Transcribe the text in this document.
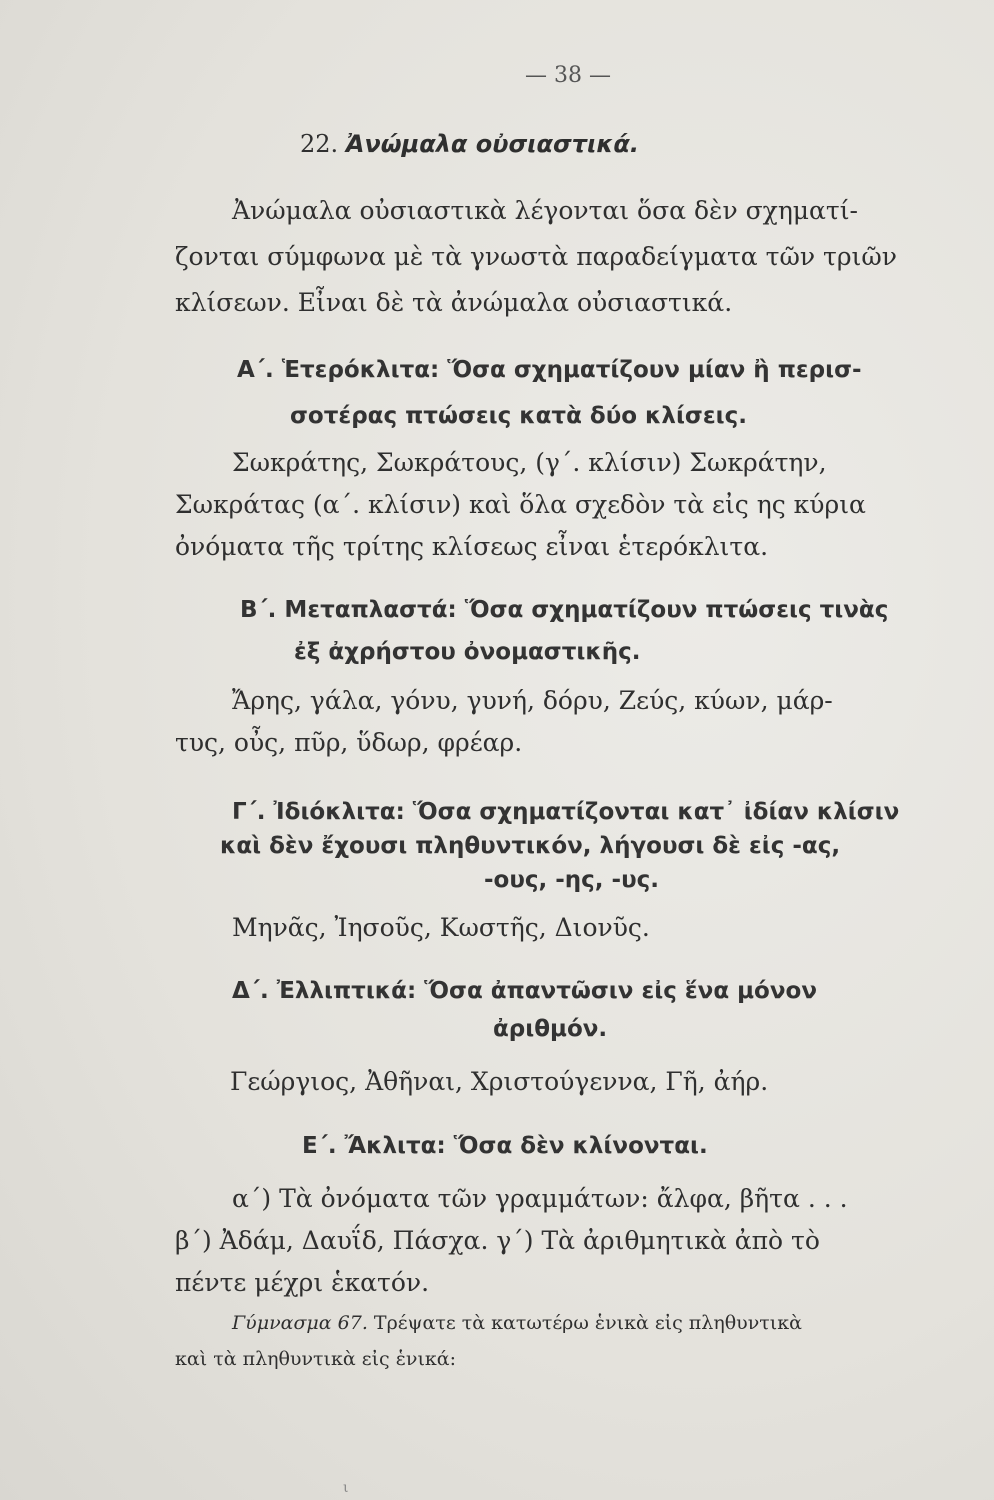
— 38 —
22. Ἀνώμαλα οὐσιαστικά.
Ἀνώμαλα οὐσιαστικὰ λέγονται ὅσα δὲν σχηματί-
ζονται σύμφωνα μὲ τὰ γνωστὰ παραδείγματα τῶν τριῶν
κλίσεων. Εἶναι δὲ τὰ ἀνώμαλα οὐσιαστικά.
Α΄. Ἑτερόκλιτα: Ὅσα σχηματίζουν μίαν ἢ περισ-
σοτέρας πτώσεις κατὰ δύο κλίσεις.
Σωκράτης, Σωκράτους, (γ΄. κλίσιν) Σωκράτην,
Σωκράτας (α΄. κλίσιν) καὶ ὅλα σχεδὸν τὰ εἰς ης κύρια
ὀνόματα τῆς τρίτης κλίσεως εἶναι ἑτερόκλιτα.
Β΄. Μεταπλαστά: Ὅσα σχηματίζουν πτώσεις τινὰς
ἐξ ἀχρήστου ὀνομαστικῆς.
Ἄρης, γάλα, γόνυ, γυνή, δόρυ, Ζεύς, κύων, μάρ-
τυς, οὖς, πῦρ, ὕδωρ, φρέαρ.
Γ΄. Ἰδιόκλιτα: Ὅσα σχηματίζονται κατ᾽ ἰδίαν κλίσιν
καὶ δὲν ἔχουσι πληθυντικόν, λήγουσι δὲ εἰς -ας,
-ους, -ης, -υς.
Μηνᾶς, Ἰησοῦς, Κωστῆς, Διονῦς.
Δ΄. Ἐλλιπτικά: Ὅσα ἀπαντῶσιν εἰς ἕνα μόνον
ἀριθμόν.
Γεώργιος, Ἀθῆναι, Χριστούγεννα, Γῆ, ἀήρ.
Ε΄. Ἄκλιτα: Ὅσα δὲν κλίνονται.
α΄) Τὰ ὀνόματα τῶν γραμμάτων: ἄλφα, βῆτα . . .
β΄) Ἀδάμ, Δαυΐδ, Πάσχα. γ΄) Τὰ ἀριθμητικὰ ἀπὸ τὸ
πέντε μέχρι ἑκατόν.
Γύμνασμα 67. Τρέψατε τὰ κατωτέρω ἑνικὰ εἰς πληθυντικὰ
καὶ τὰ πληθυντικὰ εἰς ἑνικά:
ι
